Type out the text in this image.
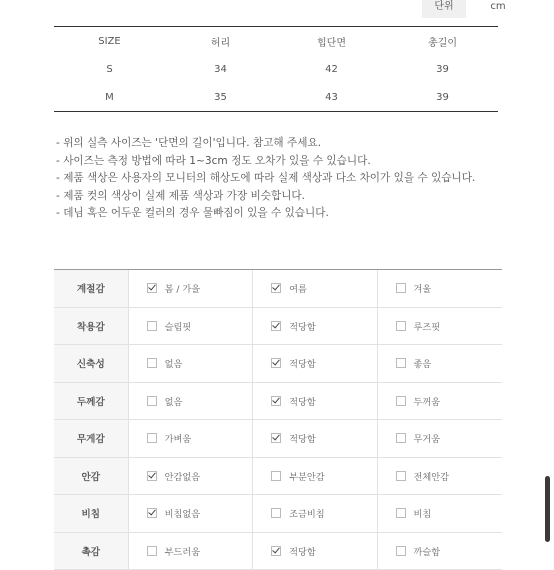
단위	cm
SIZE	허리	힙단면	총길이
S	34	42	39
M	35	43	39
- 위의 실측 사이즈는 '단면의 길이'입니다. 참고해 주세요.
- 사이즈는 측정 방법에 따라 1~3cm 정도 오차가 있을 수 있습니다.
- 제품 색상은 사용자의 모니터의 해상도에 따라 실제 색상과 다소 차이가 있을 수 있습니다.
- 제품 컷의 색상이 실제 제품 색상과 가장 비슷합니다.
- 데님 혹은 어두운 컬러의 경우 물빠짐이 있을 수 있습니다.
계절감	봄 / 가을	여름	겨울
착용감	슬림핏	적당함	루즈핏
신축성	없음	적당함	좋음
두께감	없음	적당함	두꺼움
무게감	가벼움	적당함	무거움
안감	안감없음	부분안감	전체안감
비침	비침없음	조금비침	비침
촉감	부드러움	적당함	까슬함
